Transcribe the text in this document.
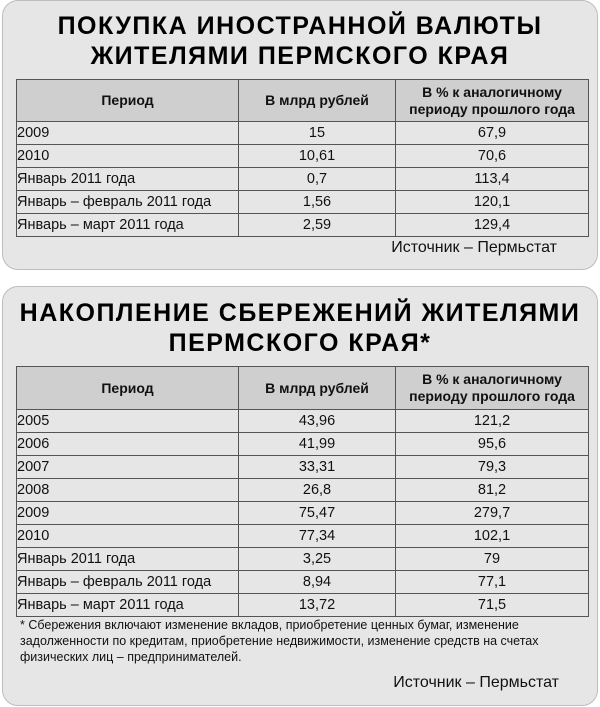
ПОКУПКА ИНОСТРАННОЙ ВАЛЮТЫ
ЖИТЕЛЯМИ ПЕРМСКОГО КРАЯ
Период	В млрд рублей	В % к аналогичному периоду прошлого года
2009	15	67,9
2010	10,61	70,6
Январь 2011 года	0,7	113,4
Январь – февраль 2011 года	1,56	120,1
Январь – март 2011 года	2,59	129,4
Источник – Пермьстат
НАКОПЛЕНИЕ СБЕРЕЖЕНИЙ ЖИТЕЛЯМИ
ПЕРМСКОГО КРАЯ*
Период	В млрд рублей	В % к аналогичному периоду прошлого года
2005	43,96	121,2
2006	41,99	95,6
2007	33,31	79,3
2008	26,8	81,2
2009	75,47	279,7
2010	77,34	102,1
Январь 2011 года	3,25	79
Январь – февраль 2011 года	8,94	77,1
Январь – март 2011 года	13,72	71,5

* Сбережения включают изменение вкладов, приобретение ценных бумаг, изменение задолженности по кредитам, приобретение недвижимости, изменение средств на счетах физических лиц – предпринимателей.

Источник – Пермьстат
